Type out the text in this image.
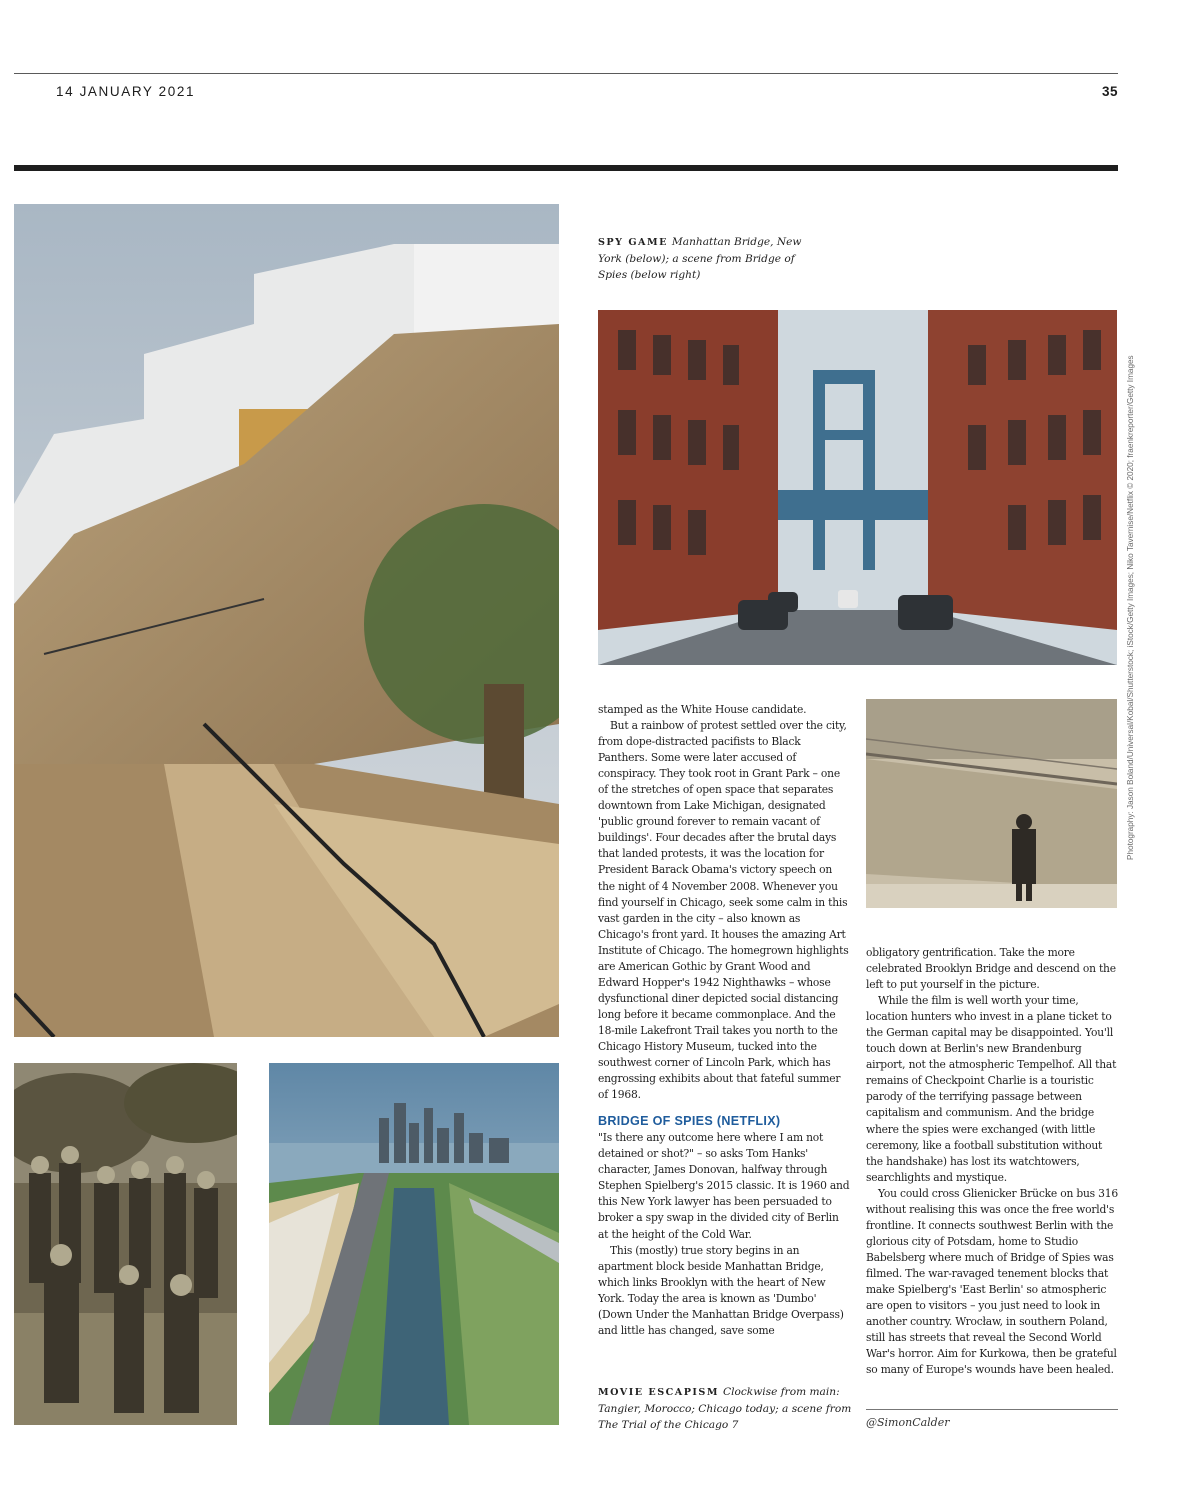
14 JANUARY 2021	35
SPY GAME Manhattan Bridge, New York (below); a scene from Bridge of Spies (below right)
Photography: Jason Boland/Universal/Kobal/Shutterstock; iStock/Getty Images; Niko Tavernise/Netflix © 2020; fraenkreporter/Getty Images

stamped as the White House candidate.

But a rainbow of protest settled over the city, from dope-distracted pacifists to Black Panthers. Some were later accused of conspiracy. They took root in Grant Park – one of the stretches of open space that separates downtown from Lake Michigan, designated 'public ground forever to remain vacant of buildings'. Four decades after the brutal days that landed protests, it was the location for President Barack Obama's victory speech on the night of 4 November 2008. Whenever you find yourself in Chicago, seek some calm in this vast garden in the city – also known as Chicago's front yard. It houses the amazing Art Institute of Chicago. The homegrown highlights are American Gothic by Grant Wood and Edward Hopper's 1942 Nighthawks – whose dysfunctional diner depicted social distancing long before it became commonplace. And the 18-mile Lakefront Trail takes you north to the Chicago History Museum, tucked into the southwest corner of Lincoln Park, which has engrossing exhibits about that fateful summer of 1968.

BRIDGE OF SPIES (NETFLIX)

"Is there any outcome here where I am not detained or shot?" – so asks Tom Hanks' character, James Donovan, halfway through Stephen Spielberg's 2015 classic. It is 1960 and this New York lawyer has been persuaded to broker a spy swap in the divided city of Berlin at the height of the Cold War.

This (mostly) true story begins in an apartment block beside Manhattan Bridge, which links Brooklyn with the heart of New York. Today the area is known as 'Dumbo' (Down Under the Manhattan Bridge Overpass) and little has changed, save some

MOVIE ESCAPISM Clockwise from main: Tangier, Morocco; Chicago today; a scene from The Trial of the Chicago 7

obligatory gentrification. Take the more celebrated Brooklyn Bridge and descend on the left to put yourself in the picture.

While the film is well worth your time, location hunters who invest in a plane ticket to the German capital may be disappointed. You'll touch down at Berlin's new Brandenburg airport, not the atmospheric Tempelhof. All that remains of Checkpoint Charlie is a touristic parody of the terrifying passage between capitalism and communism. And the bridge where the spies were exchanged (with little ceremony, like a football substitution without the handshake) has lost its watchtowers, searchlights and mystique.

You could cross Glienicker Brücke on bus 316 without realising this was once the free world's frontline. It connects southwest Berlin with the glorious city of Potsdam, home to Studio Babelsberg where much of Bridge of Spies was filmed. The war-ravaged tenement blocks that make Spielberg's 'East Berlin' so atmospheric are open to visitors – you just need to look in another country. Wrocław, in southern Poland, still has streets that reveal the Second World War's horror. Aim for Kurkowa, then be grateful so many of Europe's wounds have been healed.

@SimonCalder
